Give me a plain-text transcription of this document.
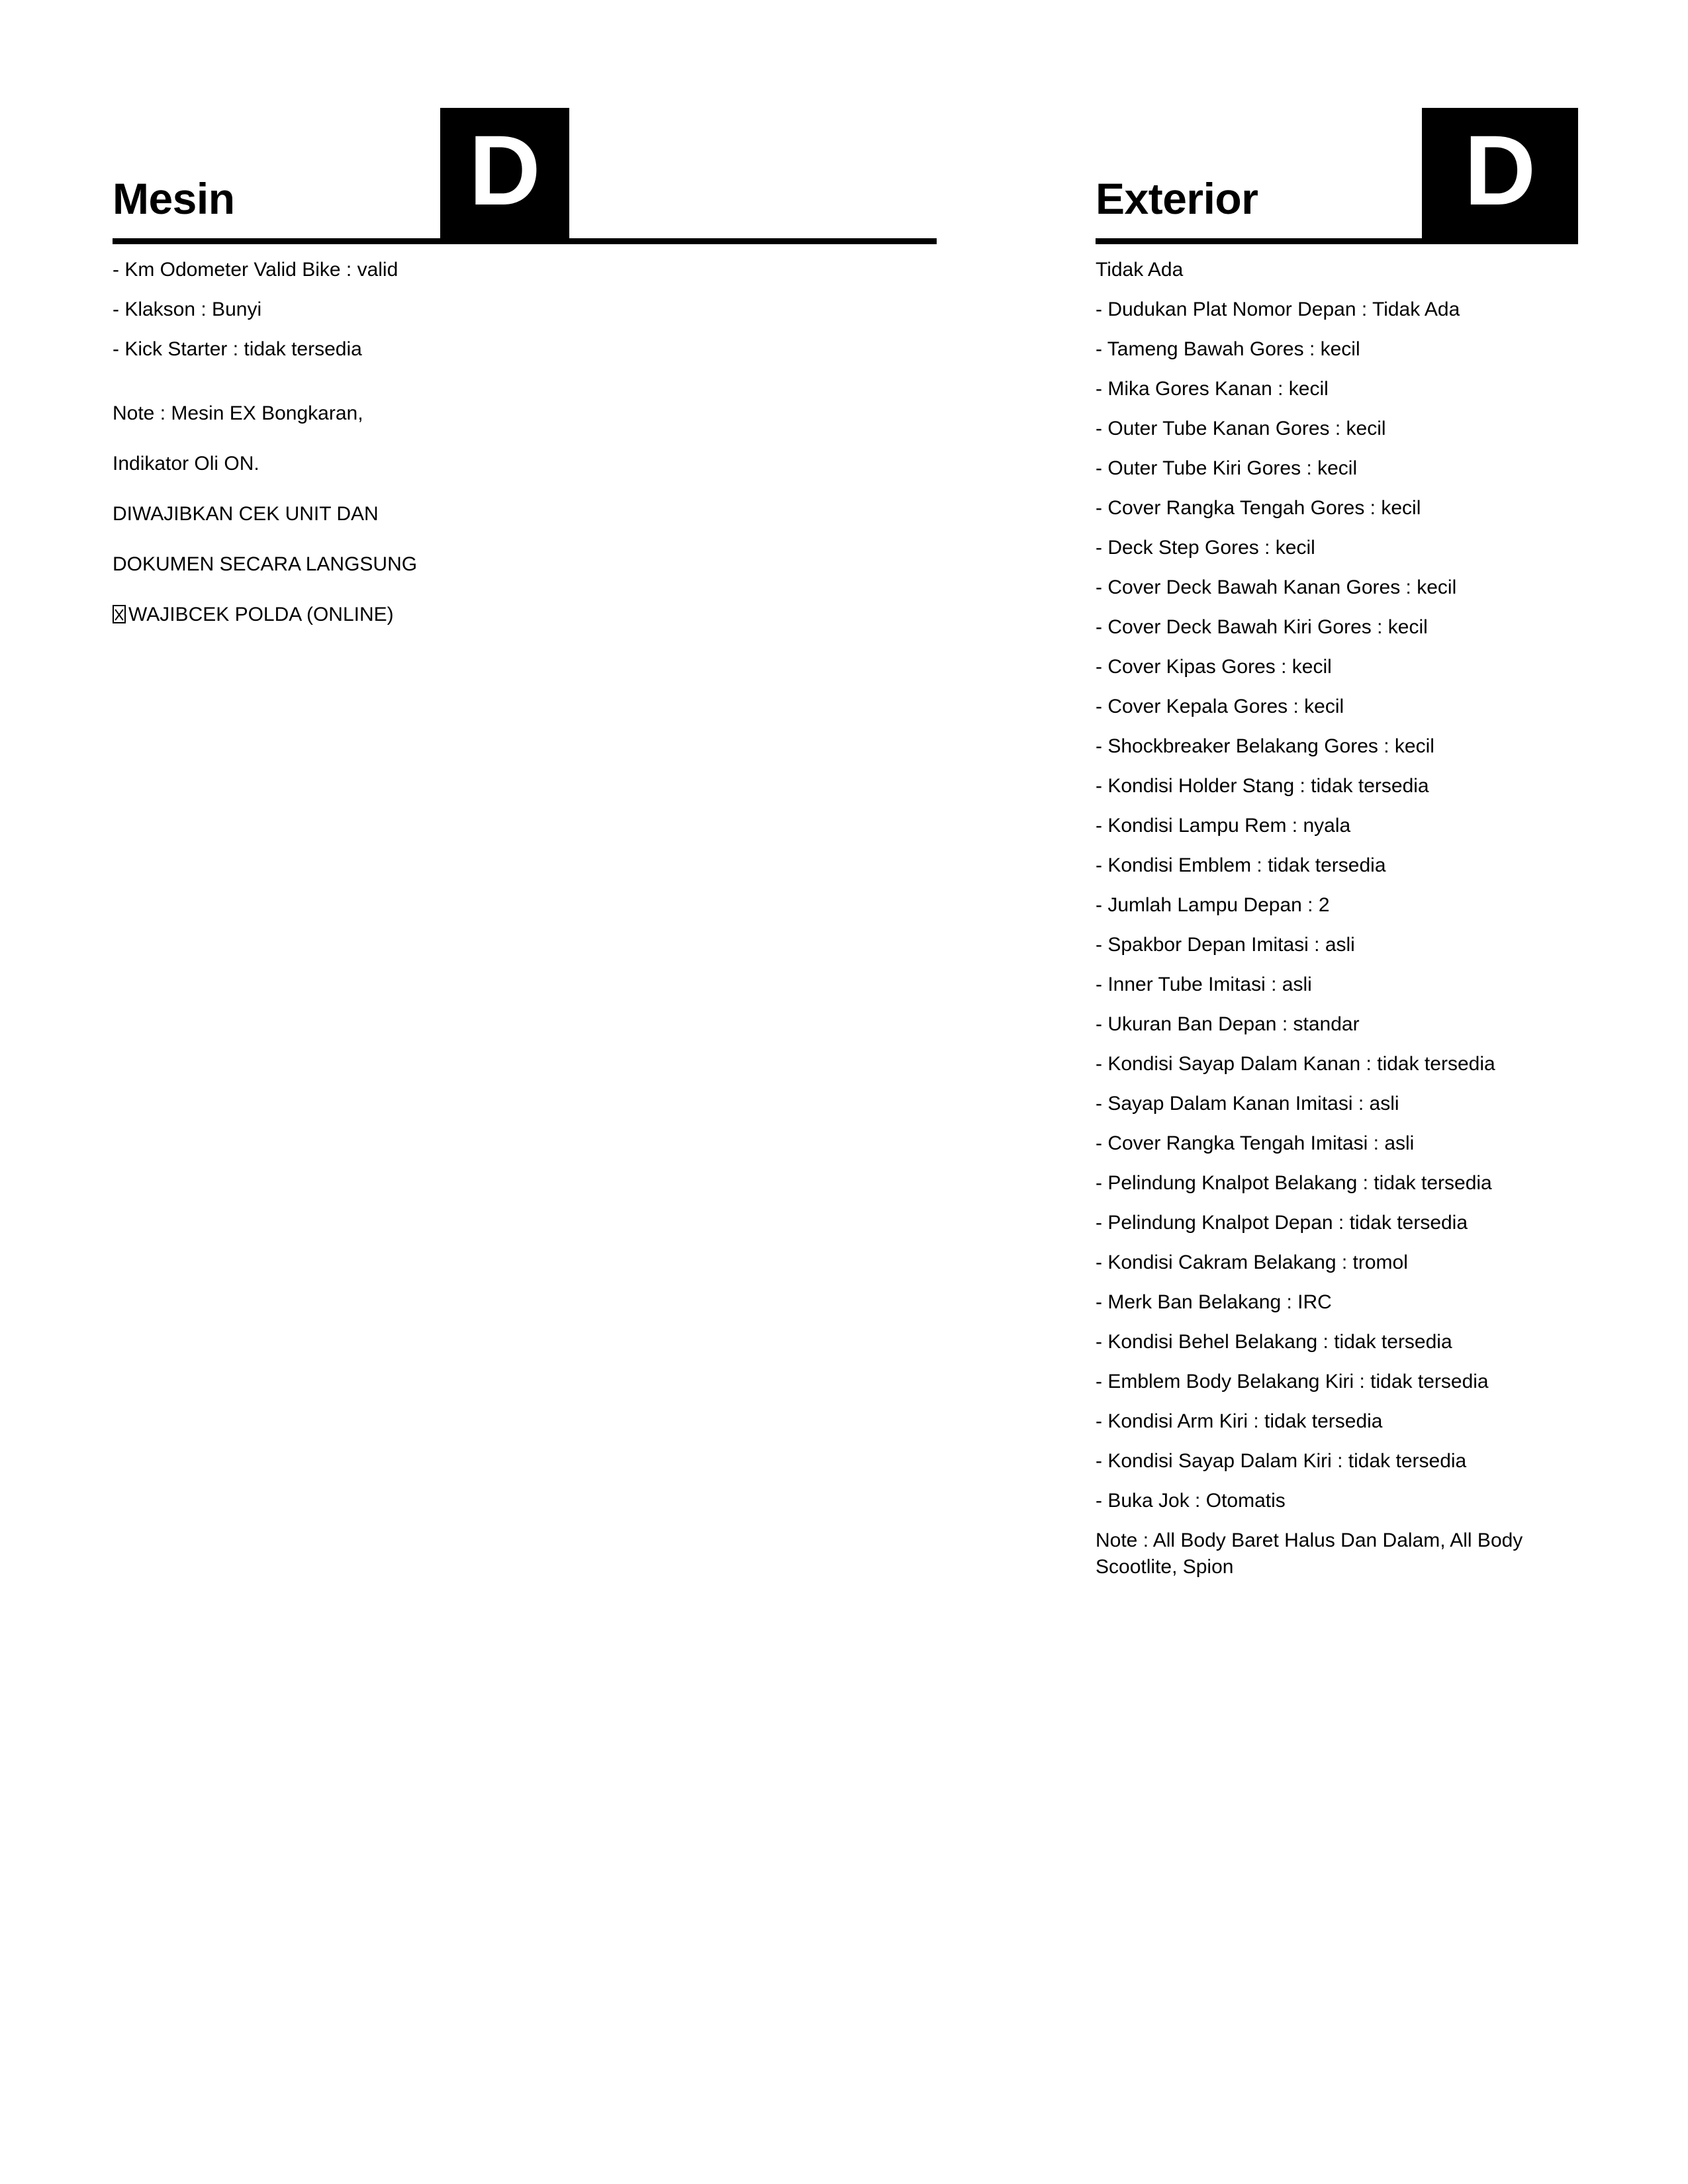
Mesin D
- Km Odometer Valid Bike : valid
- Klakson : Bunyi
- Kick Starter : tidak tersedia

Note : Mesin EX Bongkaran,

Indikator Oli ON.

DIWAJIBKAN CEK UNIT DAN

DOKUMEN SECARA LANGSUNG

WAJIBCEK POLDA (ONLINE)

Exterior	D
Tidak Ada
- Dudukan Plat Nomor Depan : Tidak Ada
- Tameng Bawah Gores : kecil
- Mika Gores Kanan : kecil
- Outer Tube Kanan Gores : kecil
- Outer Tube Kiri Gores : kecil
- Cover Rangka Tengah Gores : kecil
- Deck Step Gores : kecil
- Cover Deck Bawah Kanan Gores : kecil
- Cover Deck Bawah Kiri Gores : kecil
- Cover Kipas Gores : kecil
- Cover Kepala Gores : kecil
- Shockbreaker Belakang Gores : kecil
- Kondisi Holder Stang : tidak tersedia
- Kondisi Lampu Rem : nyala
- Kondisi Emblem : tidak tersedia
- Jumlah Lampu Depan : 2
- Spakbor Depan Imitasi : asli
- Inner Tube Imitasi : asli
- Ukuran Ban Depan : standar
- Kondisi Sayap Dalam Kanan : tidak tersedia
- Sayap Dalam Kanan Imitasi : asli
- Cover Rangka Tengah Imitasi : asli
- Pelindung Knalpot Belakang : tidak tersedia
- Pelindung Knalpot Depan : tidak tersedia
- Kondisi Cakram Belakang : tromol
- Merk Ban Belakang : IRC
- Kondisi Behel Belakang : tidak tersedia
- Emblem Body Belakang Kiri : tidak tersedia
- Kondisi Arm Kiri : tidak tersedia
- Kondisi Sayap Dalam Kiri : tidak tersedia
- Buka Jok : Otomatis
Note : All Body Baret Halus Dan Dalam, All Body Scootlite, Spion
